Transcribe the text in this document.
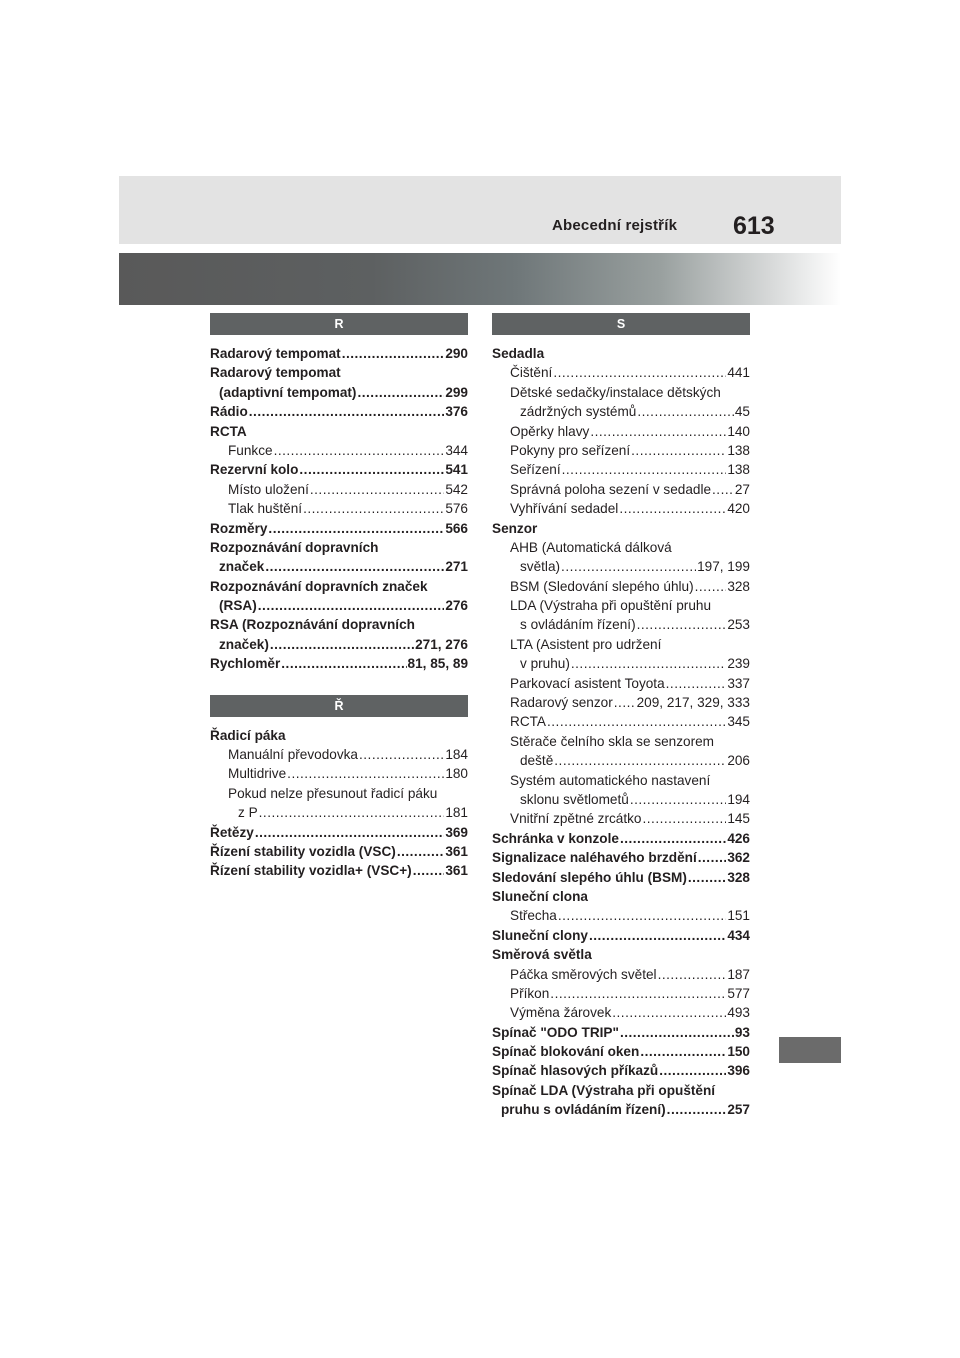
Abecední rejstřík 613
R
Radarový tempomat .....	290
Radarový tempomat
(adaptivní tempomat) .....	299
Rádio .....	376
RCTA
Funkce .....	344
Rezervní kolo .....	541
Místo uložení .....	542
Tlak huštění .....	576
Rozměry .....	566
Rozpoznávání dopravních
značek .....	271
Rozpoznávání dopravních značek
(RSA) .....	276
RSA (Rozpoznávání dopravních
značek) .....	271, 276
Rychloměr .....	81, 85, 89
Ř
Řadicí páka
Manuální převodovka .....	184
Multidrive .....	180
Pokud nelze přesunout řadicí páku
z P .....	181
Řetězy .....	369
Řízení stability vozidla (VSC) .....	361
Řízení stability vozidla+ (VSC+) ..... 361
S
Sedadla
Čištění .....	441
Dětské sedačky/instalace dětských
zádržných systémů .....	45
Opěrky hlavy .....	140
Pokyny pro seřízení .....	138
Seřízení .....	138
Správná poloha sezení v sedadle ..... 27
Vyhřívání sedadel .....	420
Senzor
AHB (Automatická dálková
světla) .....	197, 199
BSM (Sledování slepého úhlu) ..... 328
LDA (Výstraha při opuštění pruhu
s ovládáním řízení) .....	253
LTA (Asistent pro udržení
v pruhu) .....	239
Parkovací asistent Toyota .....	337
Radarový senzor ..... 209, 217, 329, 333
RCTA .....	345
Stěrače čelního skla se senzorem
deště .....	206
Systém automatického nastavení
sklonu světlometů .....	194
Vnitřní zpětné zrcátko .....	145
Schránka v konzole .....	426
Signalizace naléhavého brzdění ..... 362
Sledování slepého úhlu (BSM) .....	328
Sluneční clona
Střecha .....	151
Sluneční clony .....	434
Směrová světla
Páčka směrových světel .....	187
Příkon .....	577
Výměna žárovek .....	493
Spínač "ODO TRIP" .....	93
Spínač blokování oken .....	150
Spínač hlasových příkazů .....	396
Spínač LDA (Výstraha při opuštění
pruhu s ovládáním řízení) .....	257
